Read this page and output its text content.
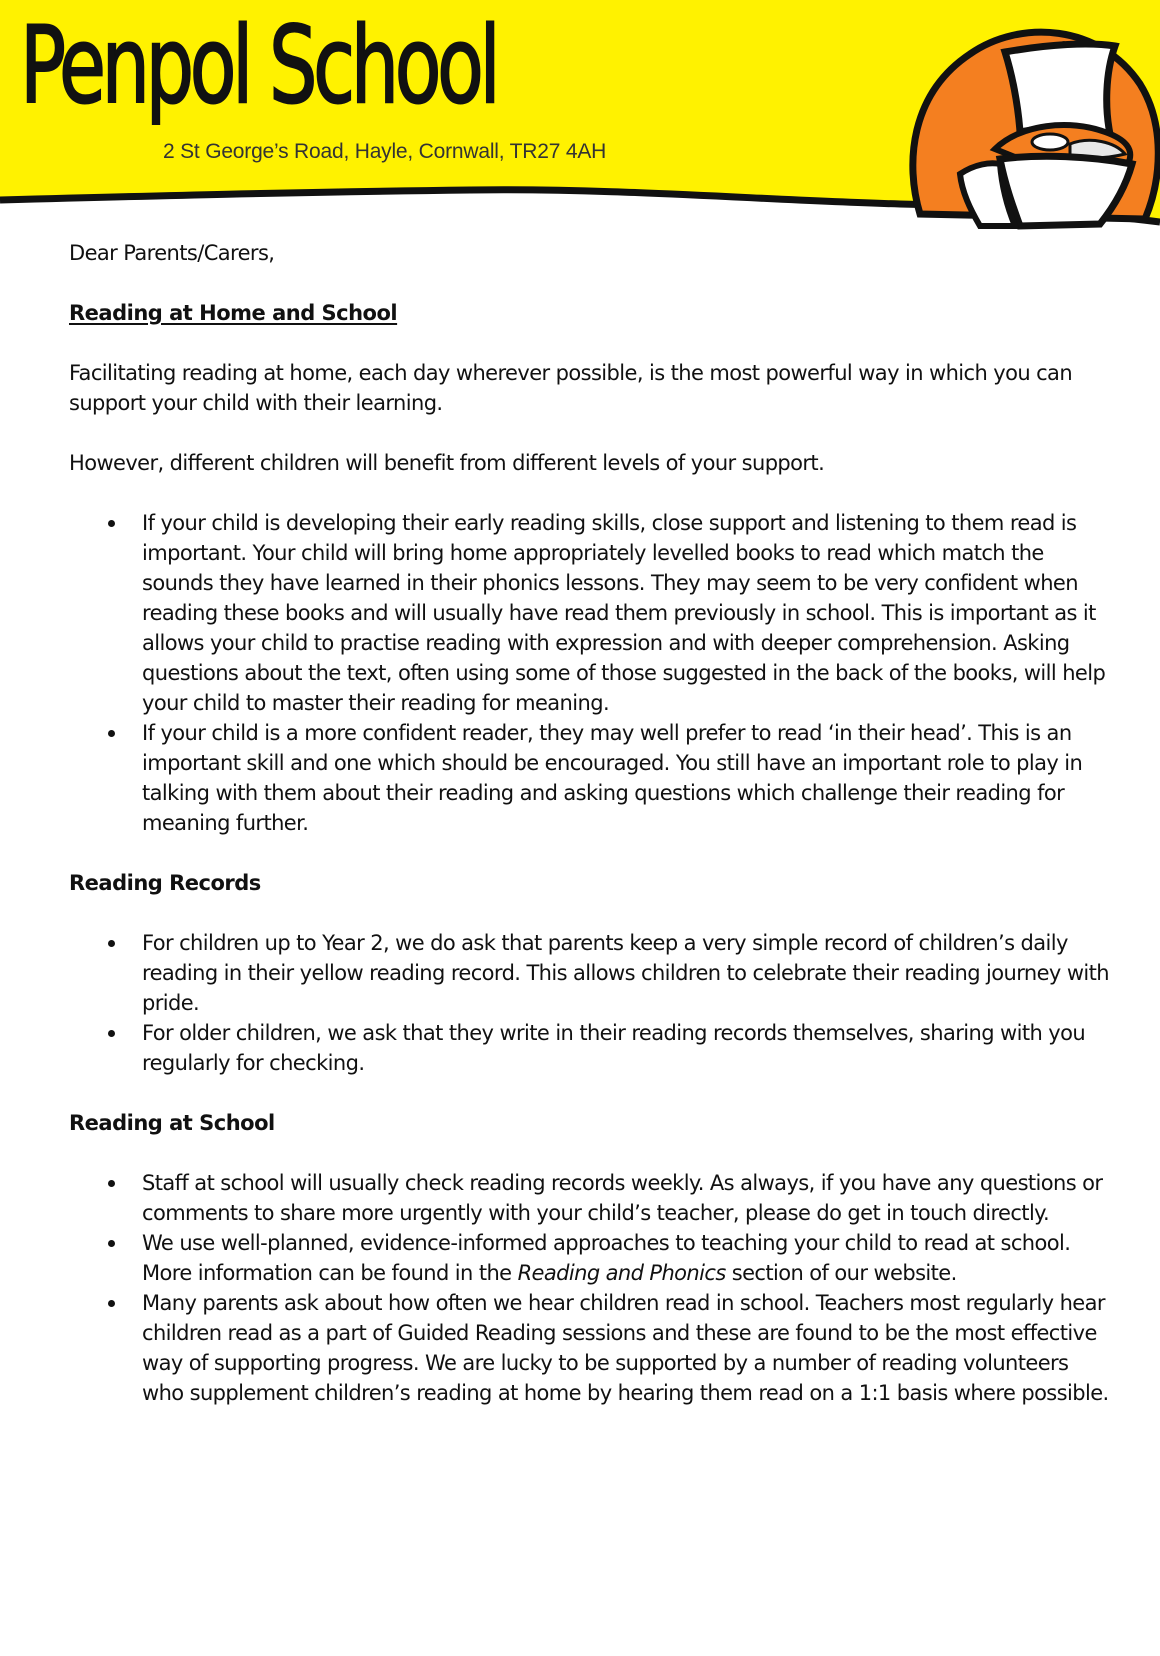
Penpol School
2 St George’s Road, Hayle, Cornwall, TR27 4AH

Dear Parents/Carers,

Reading at Home and School

Facilitating reading at home, each day wherever possible, is the most powerful way in which you can support your child with their learning.

However, different children will benefit from different levels of your support.

If your child is developing their early reading skills, close support and listening to them read is important. Your child will bring home appropriately levelled books to read which match the sounds they have learned in their phonics lessons. They may seem to be very confident when reading these books and will usually have read them previously in school. This is important as it allows your child to practise reading with expression and with deeper comprehension. Asking questions about the text, often using some of those suggested in the back of the books, will help your child to master their reading for meaning.
If your child is a more confident reader, they may well prefer to read ‘in their head’. This is an important skill and one which should be encouraged. You still have an important role to play in talking with them about their reading and asking questions which challenge their reading for meaning further.
Reading Records
For children up to Year 2, we do ask that parents keep a very simple record of children’s daily reading in their yellow reading record. This allows children to celebrate their reading journey with pride.
For older children, we ask that they write in their reading records themselves, sharing with you regularly for checking.
Reading at School
Staff at school will usually check reading records weekly. As always, if you have any questions or comments to share more urgently with your child’s teacher, please do get in touch directly.
We use well-planned, evidence-informed approaches to teaching your child to read at school. More information can be found in the Reading and Phonics section of our website.
Many parents ask about how often we hear children read in school. Teachers most regularly hear children read as a part of Guided Reading sessions and these are found to be the most effective way of supporting progress. We are lucky to be supported by a number of reading volunteers who supplement children’s reading at home by hearing them read on a 1:1 basis where possible.
